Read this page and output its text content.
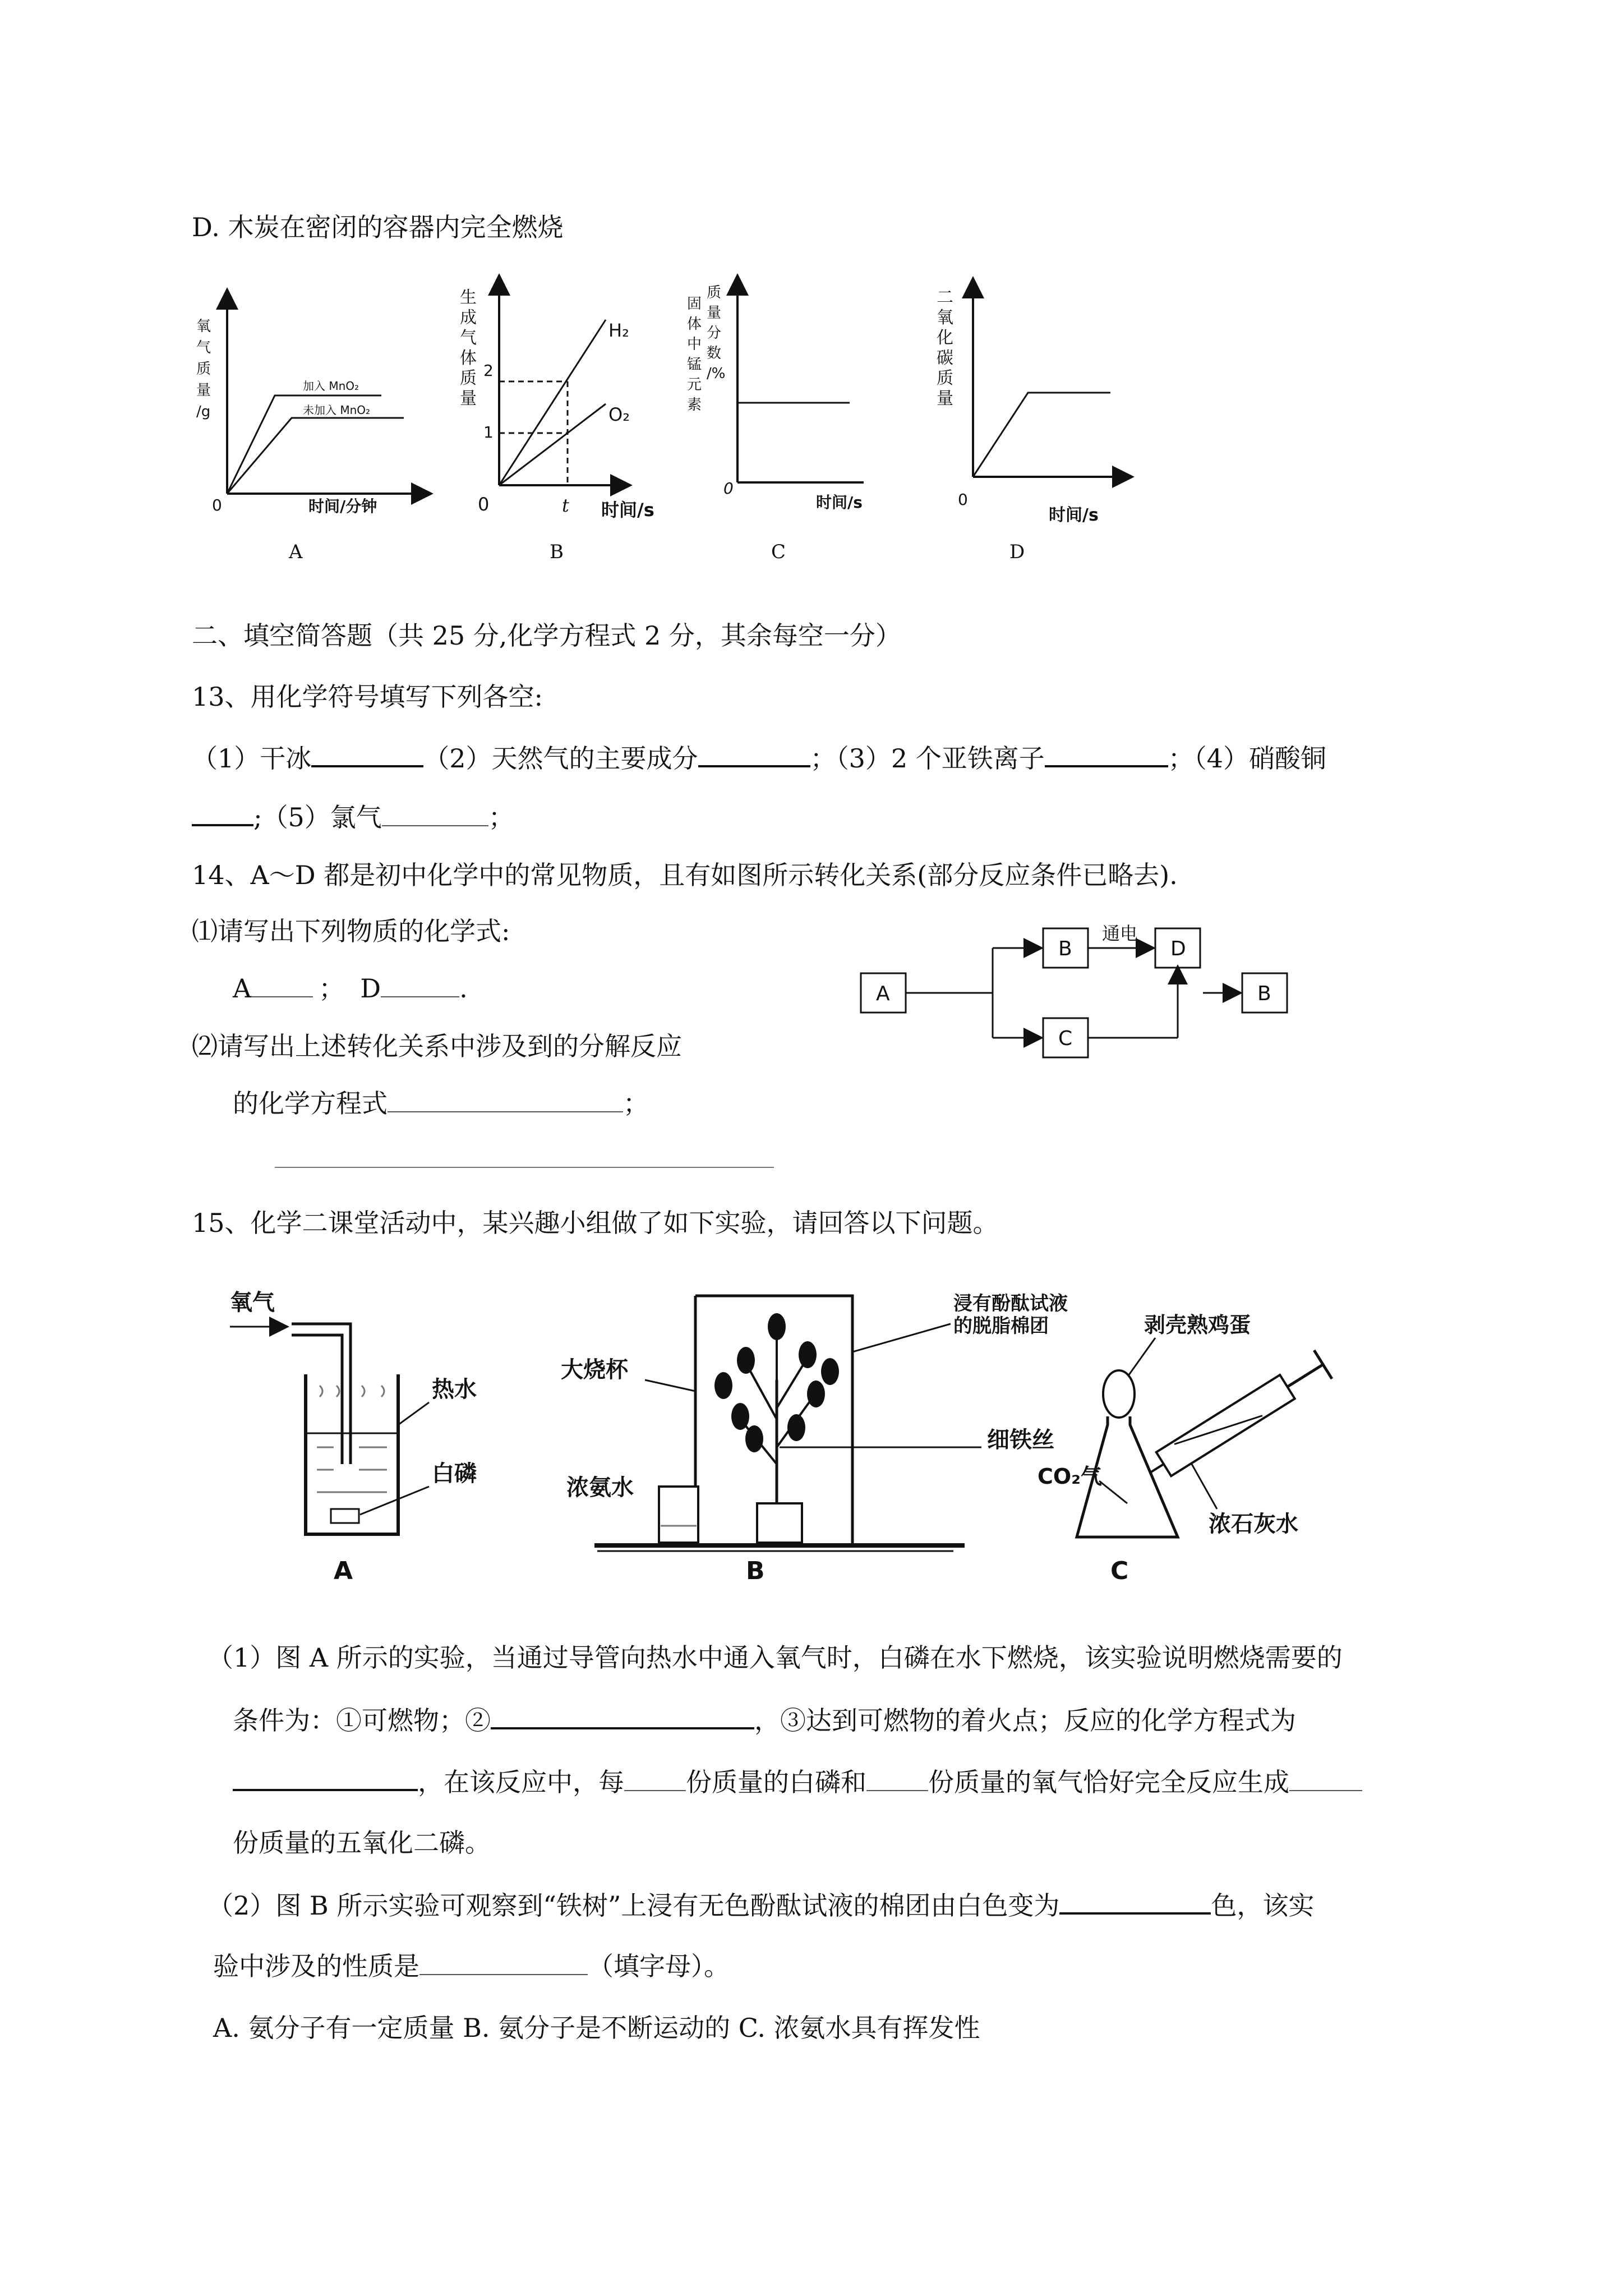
D. 木炭在密闭的容器内完全燃烧
氧
气
质
量
/g
0	时间/分钟
加入 MnO₂
未加入 MnO₂
A
生
成
气
体
质
量
2
1
H₂
O₂
0	t 时间/s
B
固
体
中
锰
元
素
质
量
分
数
/%
0
时间/s
C
二
氧
化
碳
质
量
0
时间/s
D
二、填空简答题（共 25 分,化学方程式 2 分，其余每空一分）
13、用化学符号填写下列各空:
（1）干冰	（2）天然气的主要成分	；（3）2 个亚铁离子	；（4）硝酸铜
;（5）氯气	；
14、A～D 都是初中化学中的常见物质，且有如图所示转化关系(部分反应条件已略去).
⑴请写出下列物质的化学式:
A	； D	.
⑵请写出上述转化关系中涉及到的分解反应
的化学方程式	；
A
B
C
通电
D
B
15、化学二课堂活动中，某兴趣小组做了如下实验，请回答以下问题。
氧气
热水
白磷
A
浸有酚酞试液
的脱脂棉团
大烧杯
细铁丝
浓氨水
B
剥壳熟鸡蛋
CO₂气
浓石灰水
C
（1）图 A 所示的实验，当通过导管向热水中通入氧气时，白磷在水下燃烧，该实验说明燃烧需要的
条件为：①可燃物；②	，③达到可燃物的着火点；反应的化学方程式为
，在该反应中，每 份质量的白磷和 份质量的氧气恰好完全反应生成
份质量的五氧化二磷。
（2）图 B 所示实验可观察到“铁树”上浸有无色酚酞试液的棉团由白色变为	色，该实
验中涉及的性质是	（填字母）。
A. 氨分子有一定质量 B. 氨分子是不断运动的 C. 浓氨水具有挥发性
